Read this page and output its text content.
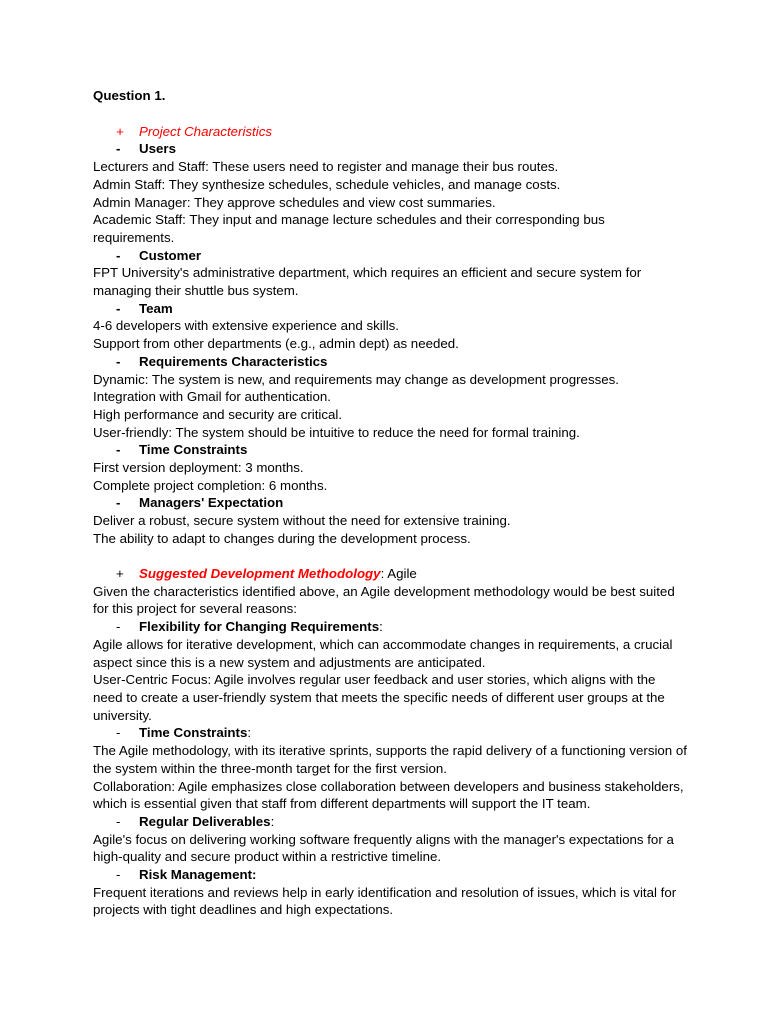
Question 1.

+	Project Characteristics
-	Users

Lecturers and Staff: These users need to register and manage their bus routes.

Admin Staff: They synthesize schedules, schedule vehicles, and manage costs.

Admin Manager: They approve schedules and view cost summaries.

Academic Staff: They input and manage lecture schedules and their corresponding bus requirements.

-	Customer

FPT University's administrative department, which requires an efficient and secure system for managing their shuttle bus system.

-	Team

4-6 developers with extensive experience and skills.

Support from other departments (e.g., admin dept) as needed.

-	Requirements Characteristics

Dynamic: The system is new, and requirements may change as development progresses.

Integration with Gmail for authentication.

High performance and security are critical.

User-friendly: The system should be intuitive to reduce the need for formal training.

-	Time Constraints

First version deployment: 3 months.

Complete project completion: 6 months.

-	Managers' Expectation

Deliver a robust, secure system without the need for extensive training.

The ability to adapt to changes during the development process.

+	Suggested Development Methodology : Agile

Given the characteristics identified above, an Agile development methodology would be best suited for this project for several reasons:

-	Flexibility for Changing Requirements :

Agile allows for iterative development, which can accommodate changes in requirements, a crucial aspect since this is a new system and adjustments are anticipated.

User-Centric Focus: Agile involves regular user feedback and user stories, which aligns with the need to create a user-friendly system that meets the specific needs of different user groups at the university.

-	Time Constraints :

The Agile methodology, with its iterative sprints, supports the rapid delivery of a functioning version of the system within the three-month target for the first version.

Collaboration: Agile emphasizes close collaboration between developers and business stakeholders, which is essential given that staff from different departments will support the IT team.

-	Regular Deliverables :

Agile's focus on delivering working software frequently aligns with the manager's expectations for a high-quality and secure product within a restrictive timeline.

-	Risk Management:

Frequent iterations and reviews help in early identification and resolution of issues, which is vital for projects with tight deadlines and high expectations.
